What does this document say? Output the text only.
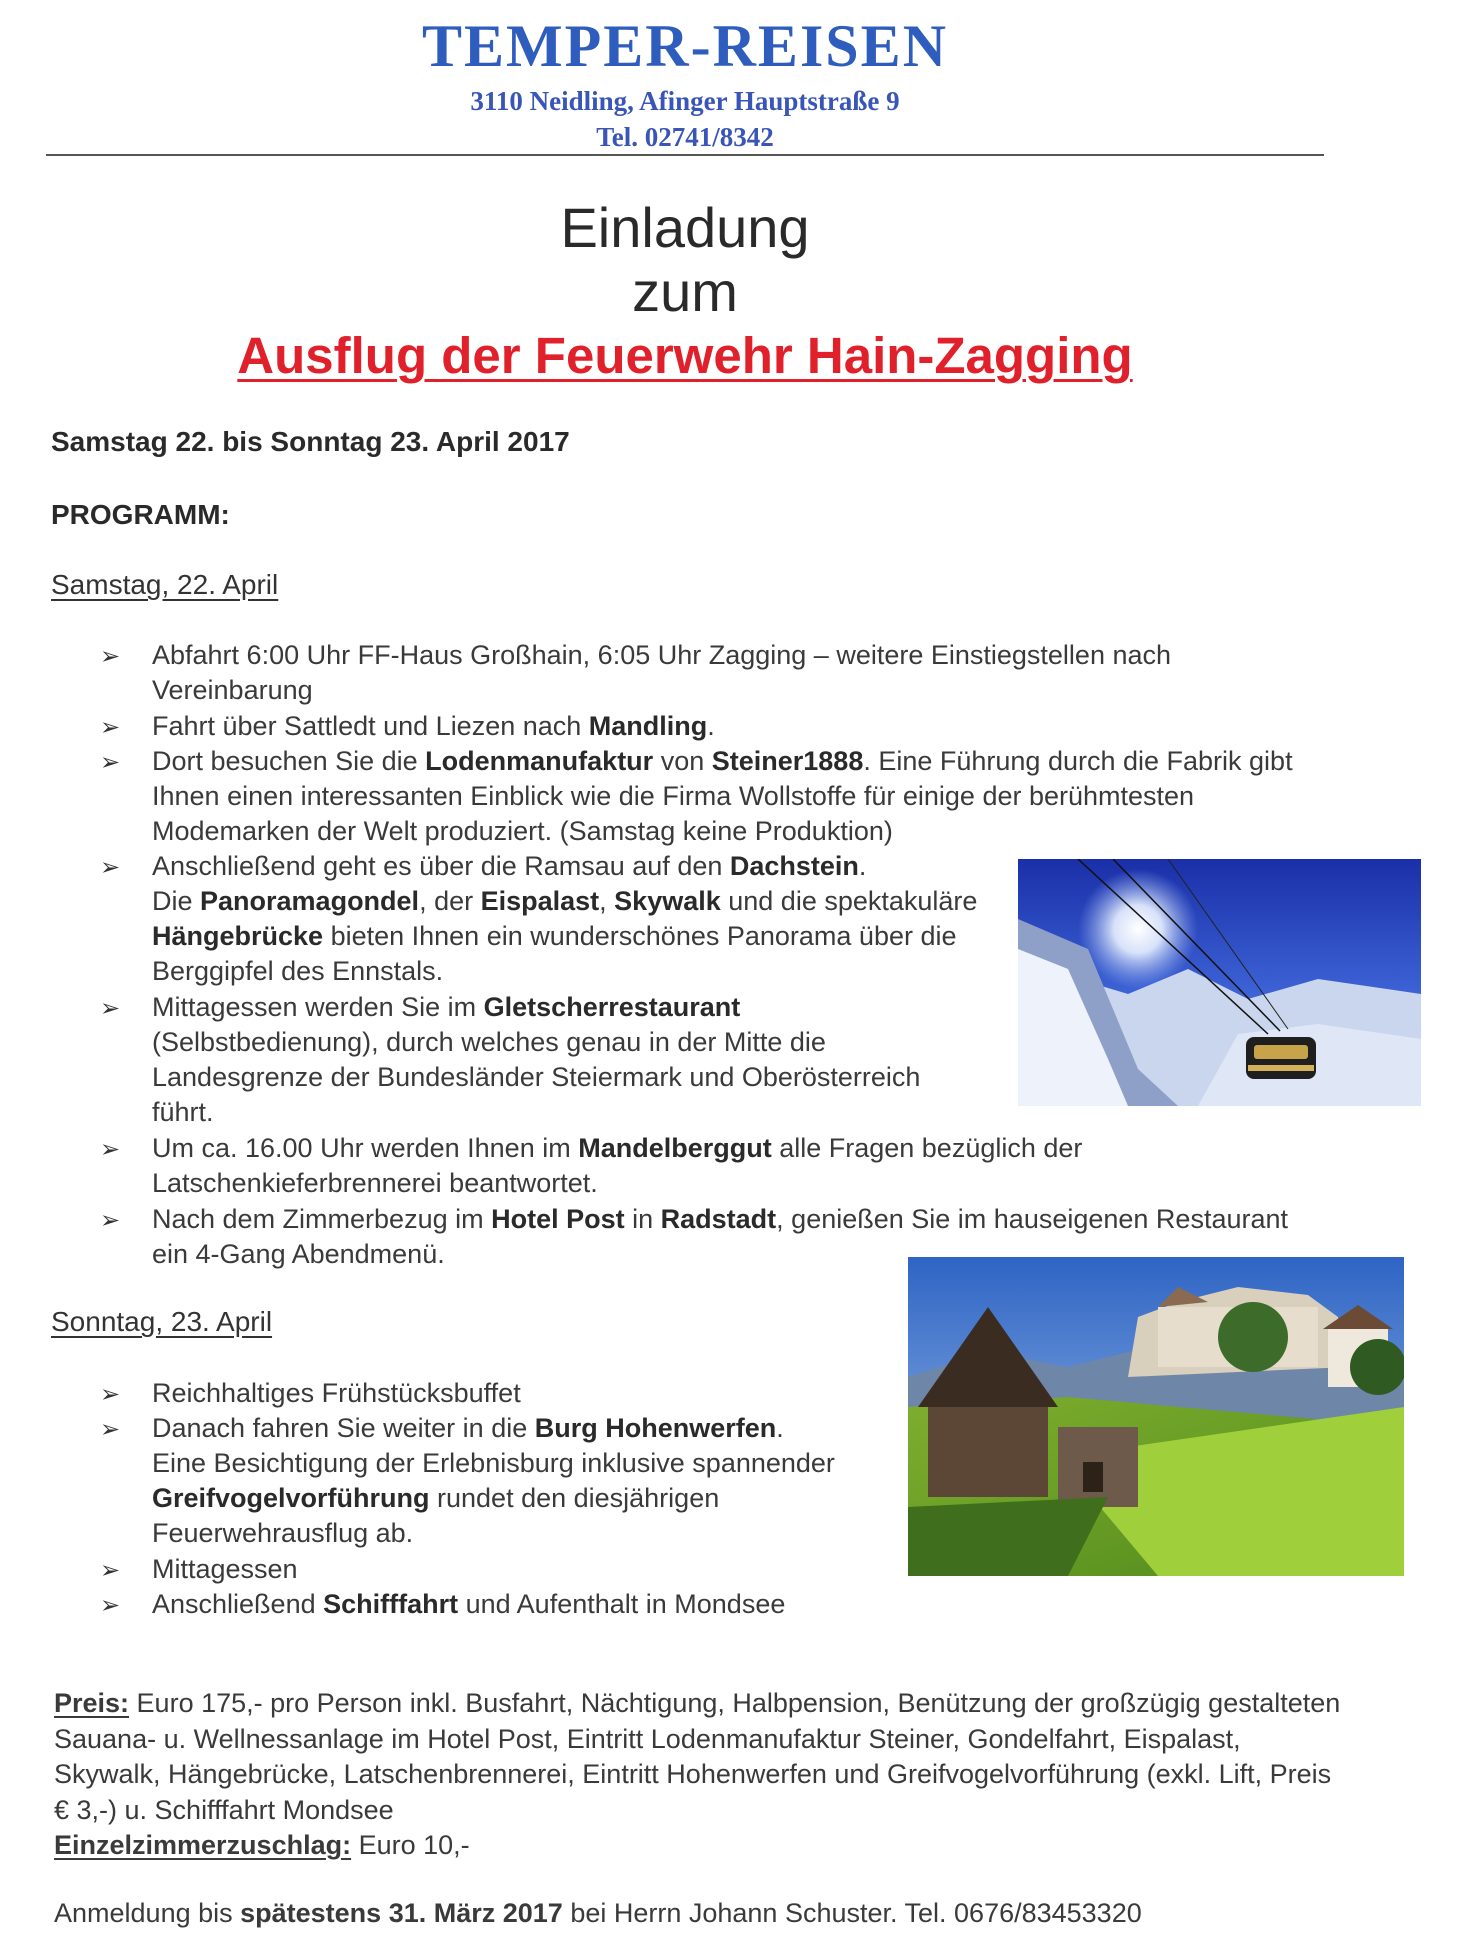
TEMPER-REISEN
3110 Neidling, Afinger Hauptstraße 9
Tel. 02741/8342
Einladung
zum
Ausflug der Feuerwehr Hain-Zagging
Samstag 22. bis Sonntag 23. April 2017
PROGRAMM:
Samstag, 22. April
➢ Abfahrt 6:00 Uhr FF-Haus Großhain, 6:05 Uhr Zagging – weitere Einstiegstellen nach
Vereinbarung
➢ Fahrt über Sattledt und Liezen nach Mandling.
➢ Dort besuchen Sie die Lodenmanufaktur von Steiner1888. Eine Führung durch die Fabrik gibt Ihnen einen interessanten Einblick wie die Firma Wollstoffe für einige der berühmtesten Modemarken der Welt produziert. (Samstag keine Produktion)
➢ Anschließend geht es über die Ramsau auf den Dachstein.
Die Panoramagondel, der Eispalast, Skywalk und die spektakuläre Hängebrücke bieten Ihnen ein wunderschönes Panorama über die Berggipfel des Ennstals.
➢ Mittagessen werden Sie im Gletscherrestaurant
(Selbstbedienung), durch welches genau in der Mitte die Landesgrenze der Bundesländer Steiermark und Oberösterreich führt.
➢ Um ca. 16.00 Uhr werden Ihnen im Mandelberggut alle Fragen bezüglich der Latschenkieferbrennerei beantwortet.
➢ Nach dem Zimmerbezug im Hotel Post in Radstadt, genießen Sie im hauseigenen Restaurant ein 4-Gang Abendmenü.
Sonntag, 23. April
➢ Reichhaltiges Frühstücksbuffet
➢ Danach fahren Sie weiter in die Burg Hohenwerfen.
Eine Besichtigung der Erlebnisburg inklusive spannender Greifvogelvorführung rundet den diesjährigen Feuerwehrausflug ab.
➢ Mittagessen
➢ Anschließend Schifffahrt und Aufenthalt in Mondsee
Preis: Euro 175,- pro Person inkl. Busfahrt, Nächtigung, Halbpension, Benützung der großzügig gestalteten Sauana- u. Wellnessanlage im Hotel Post, Eintritt Lodenmanufaktur Steiner, Gondelfahrt, Eispalast, Skywalk, Hängebrücke, Latschenbrennerei, Eintritt Hohenwerfen und Greifvogelvorführung (exkl. Lift, Preis € 3,-) u. Schifffahrt Mondsee
Einzelzimmerzuschlag: Euro 10,-
Anmeldung bis spätestens 31. März 2017 bei Herrn Johann Schuster. Tel. 0676/83453320
